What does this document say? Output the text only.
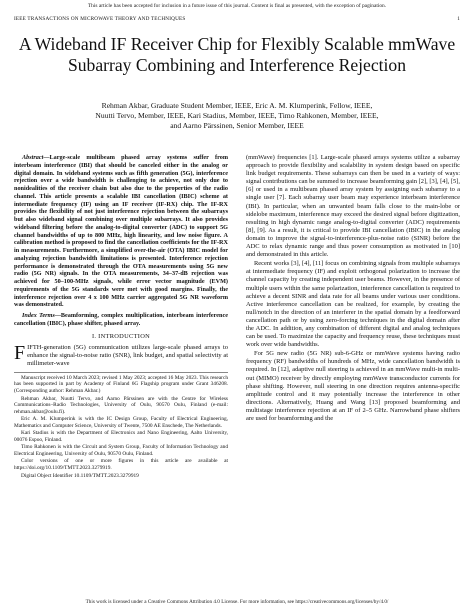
This article has been accepted for inclusion in a future issue of this journal. Content is final as presented, with the exception of pagination.
IEEE TRANSACTIONS ON MICROWAVE THEORY AND TECHNIQUES	1
A Wideband IF Receiver Chip for Flexibly Scalable mmWave Subarray Combining and Interference Rejection
Rehman Akbar, Graduate Student Member, IEEE, Eric A. M. Klumperink, Fellow, IEEE,
Nuutti Tervo, Member, IEEE, Kari Stadius, Member, IEEE, Timo Rahkonen, Member, IEEE,
and Aarno Pärssinen, Senior Member, IEEE
Abstract—Large-scale multibeam phased array systems suffer from interbeam interference (IBI) that should be canceled either in the analog or digital domain. In wideband systems such as fifth generation (5G), interference rejection over a wide bandwidth is challenging to achieve, not only due to nonidealities of the receiver chain but also due to the properties of the radio channel. This article presents a scalable IBI cancellation (IBIC) scheme at intermediate frequency (IF) using an IF receiver (IF-RX) chip. The IF-RX provides the flexibility of not just interference rejection between the subarrays but also wideband signal combining over multiple subarrays. It also provides wideband filtering before the analog-to-digital converter (ADC) to support 5G channel bandwidths of up to 800 MHz, high linearity, and low noise figure. A calibration method is proposed to find the cancellation coefficients for the IF-RX in measurements. Furthermore, a simplified over-the-air (OTA) IBIC model for analyzing rejection bandwidth limitations is presented. Interference rejection performance is demonstrated through the OTA measurements using 5G new radio (5G NR) signals. In the OTA measurements, 34–37-dB rejection was achieved for 50–100-MHz signals, while error vector magnitude (EVM) requirements of the 5G standards were met with good margins. Finally, the interference rejection over 4 x 100 MHz carrier aggregated 5G NR waveform was demonstrated.
Index Terms—Beamforming, complex multiplication, interbeam interference cancellation (IBIC), phase shifter, phased array.
I. INTRODUCTION
FIFTH-generation (5G) communication utilizes large-scale phased arrays to enhance the signal-to-noise ratio (SNR), link budget, and spatial selectivity at millimeter-wave
Manuscript received 10 March 2023; revised 1 May 2023; accepted 16 May 2023. This research has been supported in part by Academy of Finland 6G Flagship program under Grant 346208. (Corresponding author: Rehman Akbar.)
Rehman Akbar, Nuutti Tervo, and Aarno Pärssinen are with the Centre for Wireless Communications–Radio Technologies, University of Oulu, 90570 Oulu, Finland (e-mail: rehman.akbar@oulu.fi).
Eric A. M. Klumperink is with the IC Design Group, Faculty of Electrical Engineering, Mathematics and Computer Science, University of Twente, 7500 AE Enschede, The Netherlands.
Kari Stadius is with the Department of Electronics and Nano Engineering, Aalto University, 00076 Espoo, Finland.
Timo Rahkonen is with the Circuit and System Group, Faculty of Information Technology and Electrical Engineering, University of Oulu, 90570 Oulu, Finland.
Color versions of one or more figures in this article are available at https://doi.org/10.1109/TMTT.2023.3279919.
Digital Object Identifier 10.1109/TMTT.2023.3279919
(mmWave) frequencies [1]. Large-scale phased arrays systems utilize a subarray approach to provide flexibility and scalability in system design based on specific link budget requirements. These subarrays can then be used in a variety of ways: signal contributions can be summed to increase beamforming gain [2], [3], [4], [5], [6] or used in a multibeam phased array system by assigning each subarray to a single user [7]. Each subarray user beam may experience interbeam interference (IBI). In particular, when an unwanted beam falls close to the main-lobe or sidelobe maximum, interference may exceed the desired signal before digitization, resulting in high dynamic range analog-to-digital converter (ADC) requirements [8], [9]. As a result, it is critical to provide IBI cancellation (IBIC) in the analog domain to improve the signal-to-interference-plus-noise ratio (SINR) before the ADC to relax dynamic range and thus power consumption as motivated in [10] and demonstrated in this article.
Recent works [3], [4], [11] focus on combining signals from multiple subarrays at intermediate frequency (IF) and exploit orthogonal polarization to increase the channel capacity by creating independent user beams. However, in the presence of multiple users within the same polarization, interference cancellation is required to achieve a decent SINR and data rate for all beams under various user conditions. Active interference cancellation can be realized, for example, by creating the null/notch in the direction of an interferer in the spatial domain by a feedforward cancellation path or by using zero-forcing techniques in the digital domain after the ADC. In addition, any combination of different digital and analog techniques can be used. To maximize the capacity and frequency reuse, these techniques must work over wide bandwidths.
For 5G new radio (5G NR) sub-6-GHz or mmWave systems having radio frequency (RF) bandwidths of hundreds of MHz, wide cancellation bandwidth is required. In [12], adaptive null steering is achieved in an mmWave multi-in multi-out (MIMO) receiver by directly employing mmWave transconductor currents for phase shifting. However, null steering in one direction requires antenna-specific amplitude control and it may potentially increase the interference in other directions. Alternatively, Huang and Wang [13] proposed beamforming and multistage interference rejection at an IF of 2–5 GHz. Narrowband phase shifters are used for beamforming and the
This work is licensed under a Creative Commons Attribution 4.0 License. For more information, see https://creativecommons.org/licenses/by/4.0/
